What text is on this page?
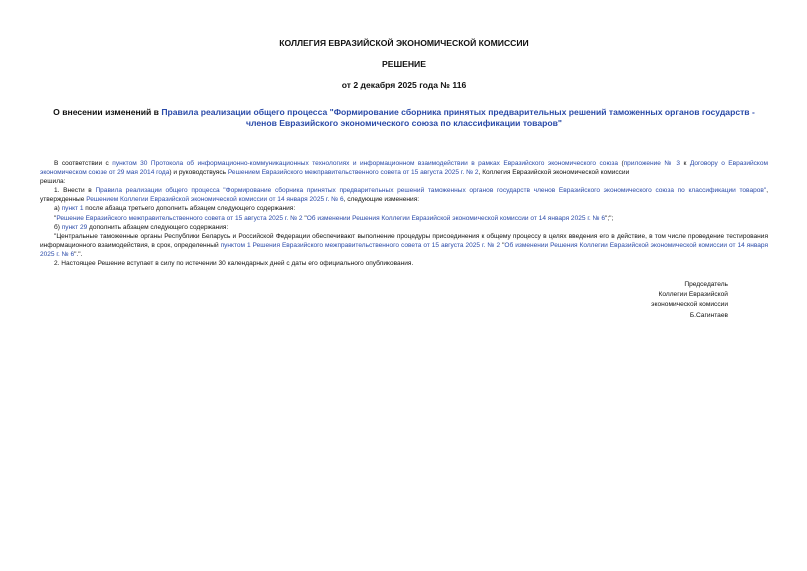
КОЛЛЕГИЯ ЕВРАЗИЙСКОЙ ЭКОНОМИЧЕСКОЙ КОМИССИИ
РЕШЕНИЕ
от 2 декабря 2025 года № 116
О внесении изменений в Правила реализации общего процесса "Формирование сборника принятых предварительных решений таможенных органов государств - членов Евразийского экономического союза по классификации товаров"

В соответствии с пунктом 30 Протокола об информационно-коммуникационных технологиях и информационном взаимодействии в рамках Евразийского экономического союза (приложение № 3 к Договору о Евразийском экономическом союзе от 29 мая 2014 года) и руководствуясь Решением Евразийского межправительственного совета от 15 августа 2025 г. № 2, Коллегия Евразийской экономической комиссии

решила:

1. Внести в Правила реализации общего процесса "Формирование сборника принятых предварительных решений таможенных органов государств членов Евразийского экономического союза по классификации товаров", утвержденные Решением Коллегии Евразийской экономической комиссии от 14 января 2025 г. № 6, следующие изменения:

а) пункт 1 после абзаца третьего дополнить абзацем следующего содержания:

"Решение Евразийского межправительственного совета от 15 августа 2025 г. № 2 "Об изменении Решения Коллегии Евразийской экономической комиссии от 14 января 2025 г. № 6";";

б) пункт 29 дополнить абзацем следующего содержания:

"Центральные таможенные органы Республики Беларусь и Российской Федерации обеспечивают выполнение процедуры присоединения к общему процессу в целях введения его в действие, в том числе проведение тестирования информационного взаимодействия, в срок, определенный пунктом 1 Решения Евразийского межправительственного совета от 15 августа 2025 г. № 2 "Об изменении Решения Коллегии Евразийской экономической комиссии от 14 января 2025 г. № 6".".

2. Настоящее Решение вступает в силу по истечении 30 календарных дней с даты его официального опубликования.

Председатель
Коллегии Евразийской
экономической комиссии
Б.Сагинтаев
